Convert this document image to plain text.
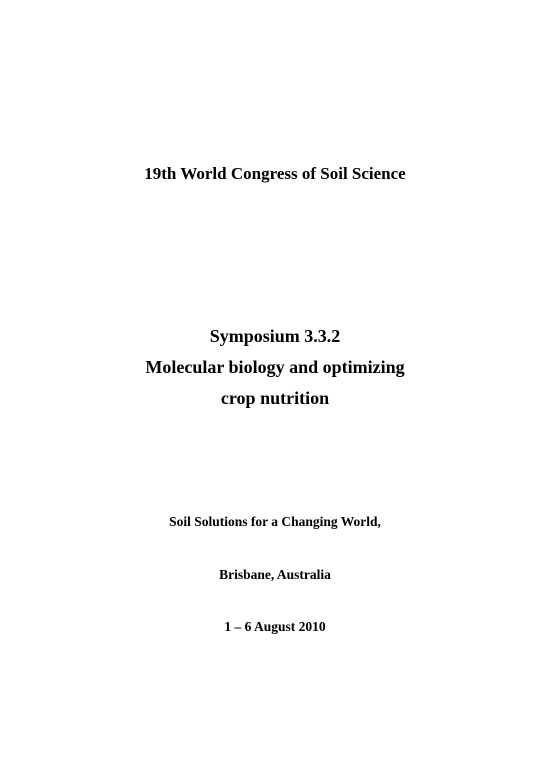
19th World Congress of Soil Science
Symposium 3.3.2
Molecular biology and optimizing
crop nutrition
Soil Solutions for a Changing World,
Brisbane, Australia
1 – 6 August 2010
